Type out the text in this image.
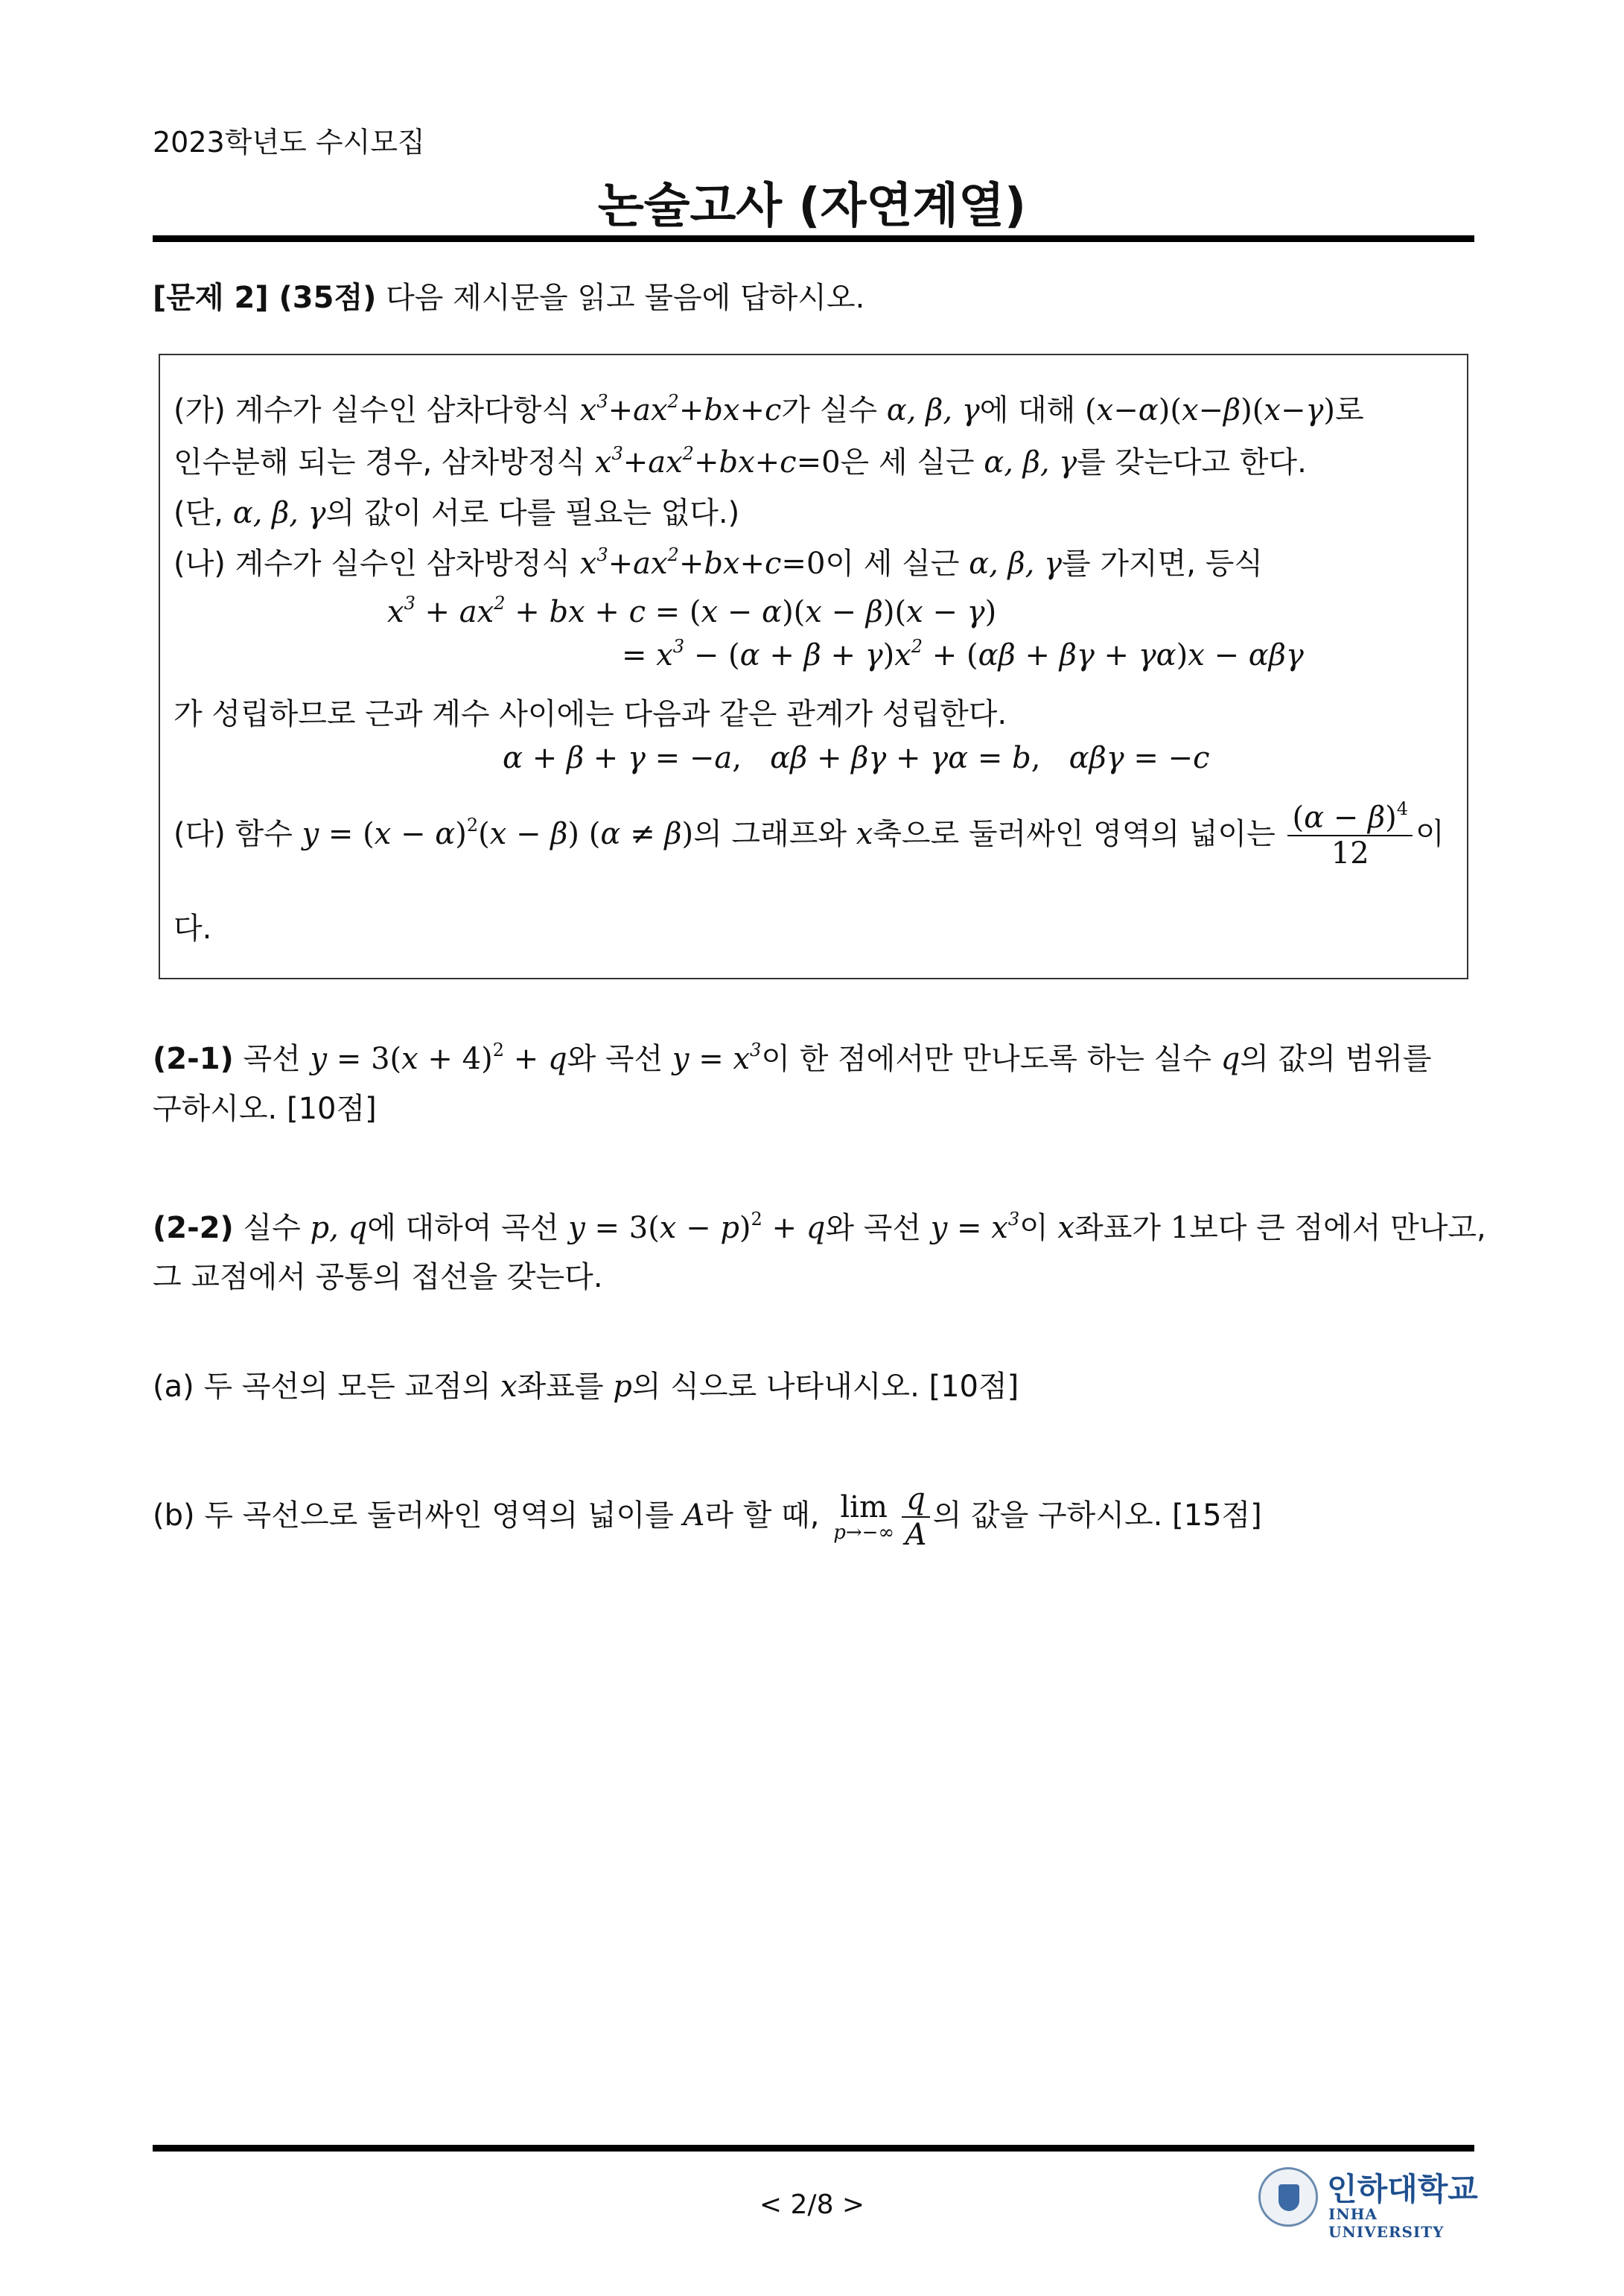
2023학년도 수시모집
논술고사 (자연계열)
[문제 2] (35점) 다음 제시문을 읽고 물음에 답하시오.
(가) 계수가 실수인 삼차다항식 $x^3+ax^2+bx+c$가 실수 α, β, γ에 대해 (x−α)(x−β)(x−γ)로
인수분해 되는 경우, 삼차방정식 $x^3+ax^2+bx+c=0$은 세 실근 α, β, γ를 갖는다고 한다.
(단, α, β, γ의 값이 서로 다를 필요는 없다.)
(나) 계수가 실수인 삼차방정식 $x^3+ax^2+bx+c=0$이 세 실근 α, β, γ를 가지면, 등식
$x^3 + ax^2$ + bx + c = (x − α)(x − β)(x − γ)
= $x^3 - (\alpha + \beta + \gamma)x^2 + (\alpha\beta + \beta\gamma + \gamma\alpha)x - \alpha\beta\gamma$
가 성립하므로 근과 계수 사이에는 다음과 같은 관계가 성립한다.
α + β + γ = −a,   αβ + βγ + γα = b,   αβγ = −c
(다) 함수 $y = (x - \alpha)^2(x - \beta)$ (α ≠ β)의 그래프와 x축으로 둘러싸인 영역의 넓이는 $\frac{(\alpha - \beta)^4}{12}$ 이
다.
(2-1) 곡선 $y = 3(x + 4)^2 + q$와 곡선 $y = x^3$이 한 점에서만 만나도록 하는 실수 q의 값의 범위를
구하시오. [10점]
(2-2) 실수 p, q에 대하여 곡선 $y = 3(x - p)^2 + q$와 곡선 $y = x^3$이 x좌표가 1보다 큰 점에서 만나고,
그 교점에서 공통의 접선을 갖는다.
(a) 두 곡선의 모든 교점의 x좌표를 p의 식으로 나타내시오. [10점]
(b) 두 곡선으로 둘러싸인 영역의 넓이를 A라 할 때, lim
$p\to-\infty \frac{q}{A}$ 의 값을 구하시오. [15점]
< 2/8 >	인하대학교
INHA UNIVERSITY
